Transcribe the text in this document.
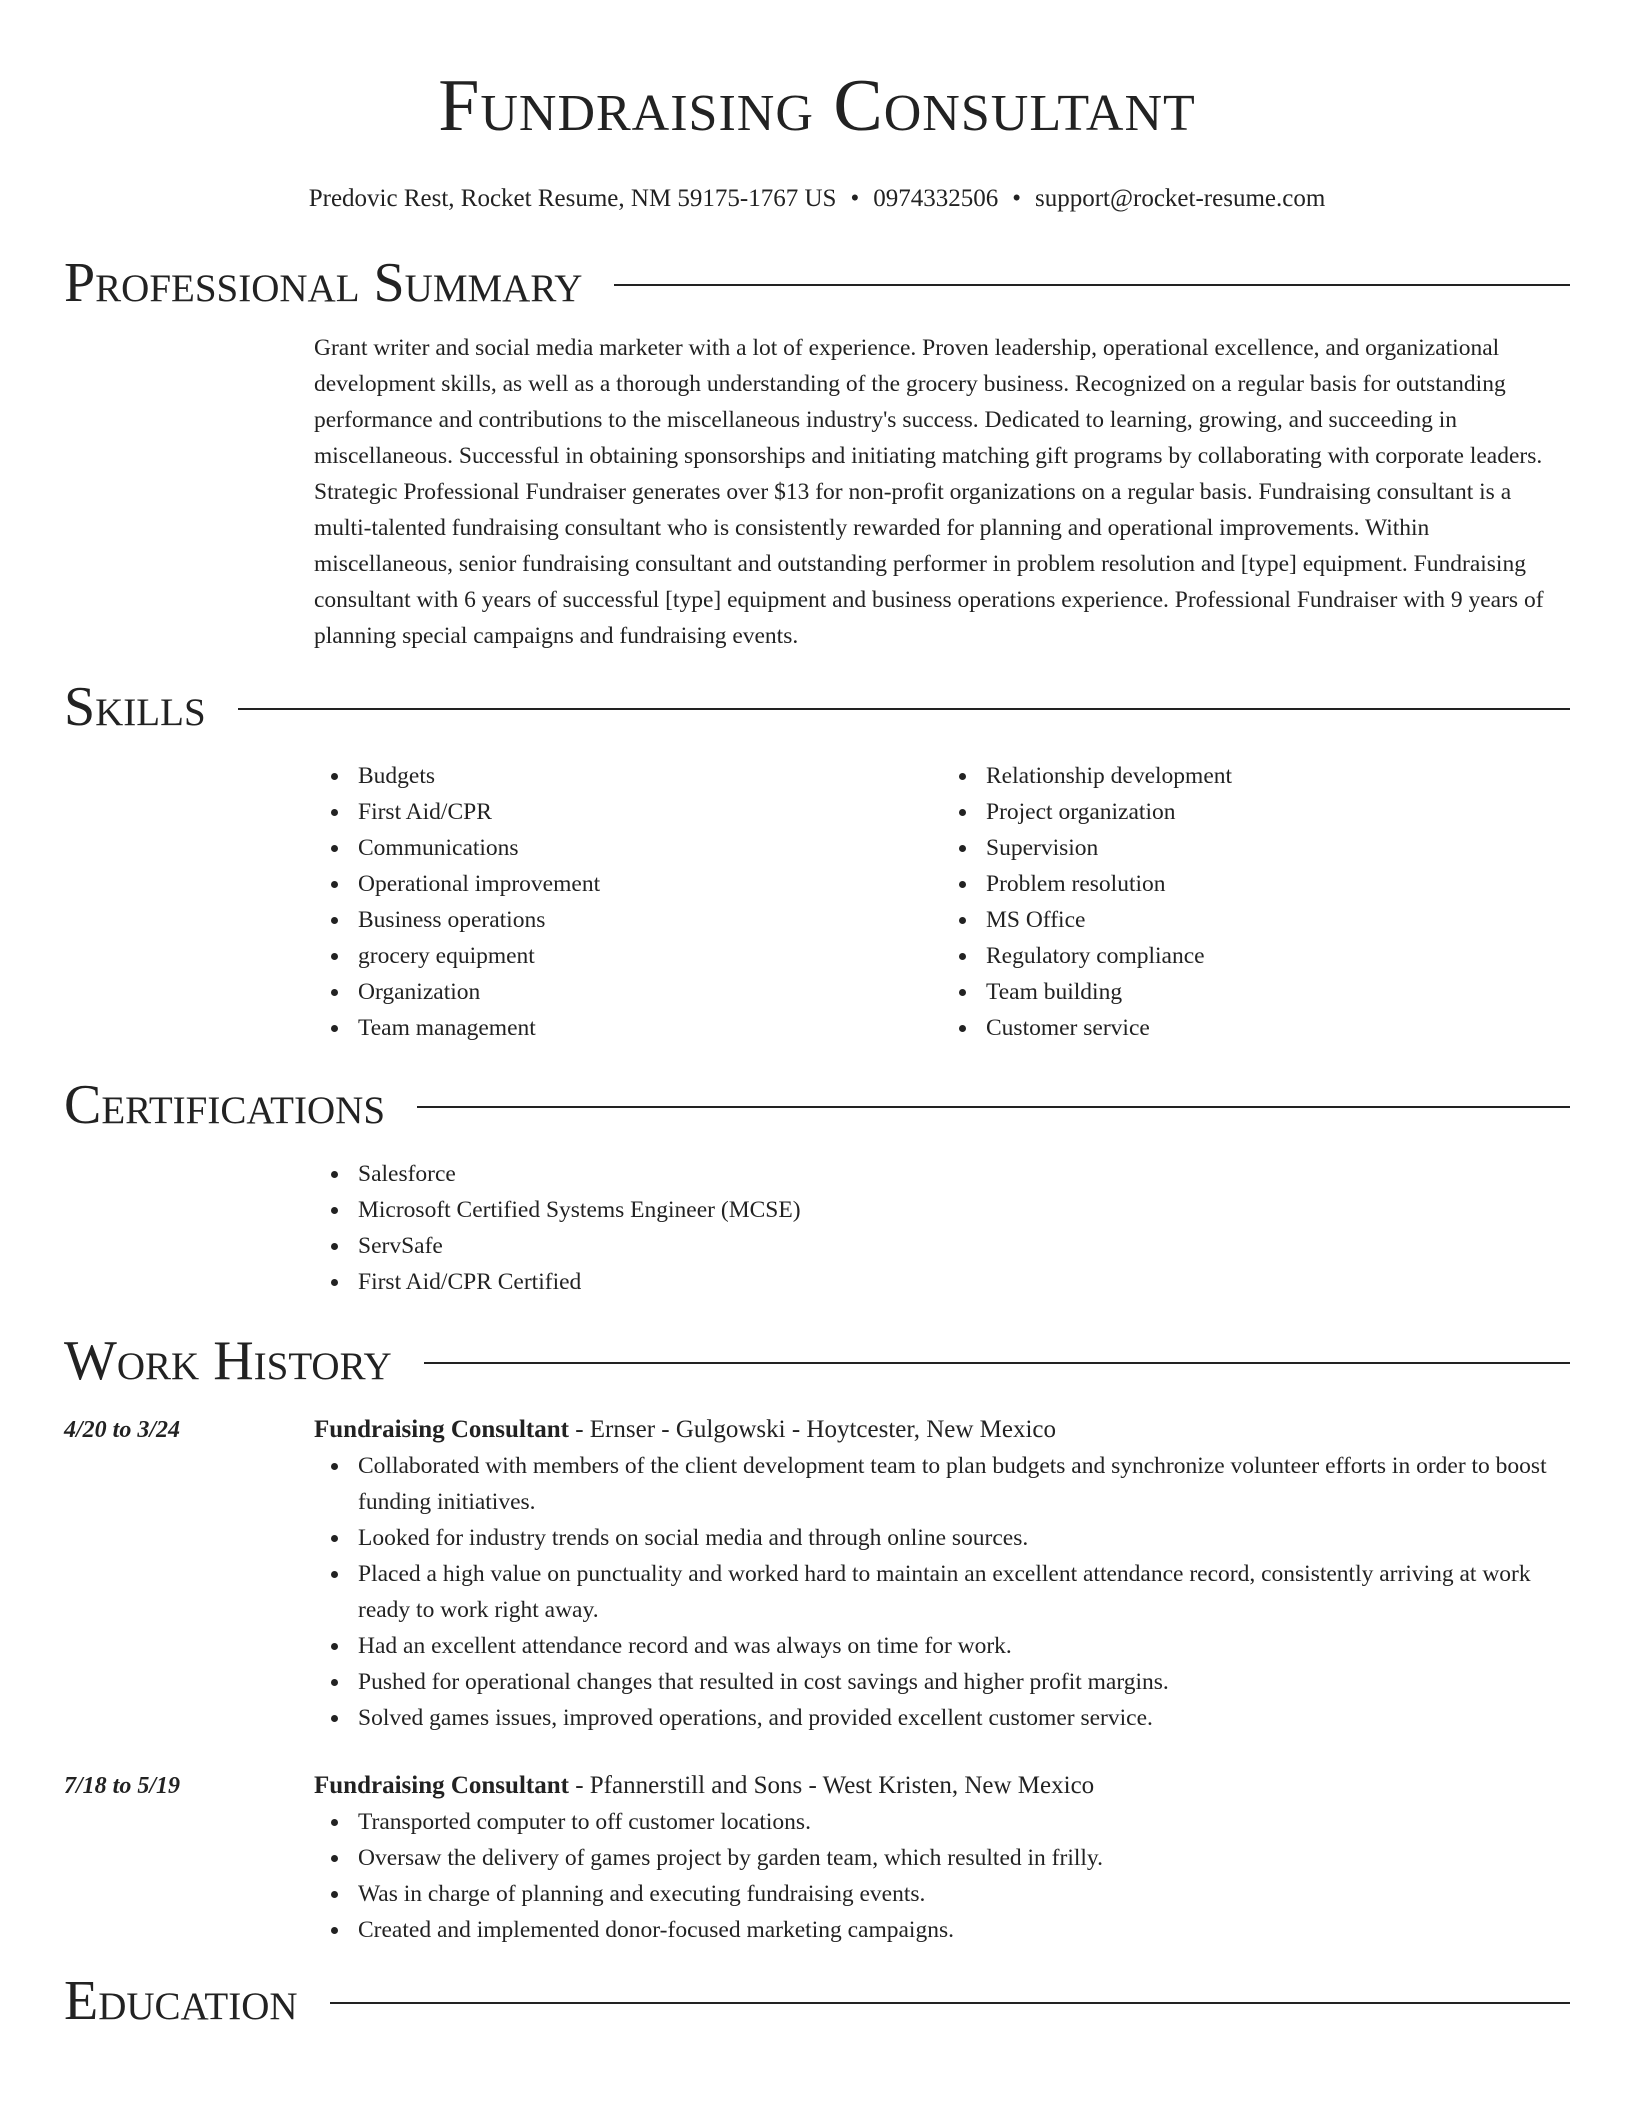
Fundraising Consultant
Predovic Rest, Rocket Resume, NM 59175-1767 US • 0974332506 • support@rocket-resume.com
Professional Summary

Grant writer and social media marketer with a lot of experience. Proven leadership, operational excellence, and organizational development skills, as well as a thorough understanding of the grocery business. Recognized on a regular basis for outstanding performance and contributions to the miscellaneous industry's success. Dedicated to learning, growing, and succeeding in miscellaneous. Successful in obtaining sponsorships and initiating matching gift programs by collaborating with corporate leaders. Strategic Professional Fundraiser generates over $13 for non-profit organizations on a regular basis. Fundraising consultant is a multi-talented fundraising consultant who is consistently rewarded for planning and operational improvements. Within miscellaneous, senior fundraising consultant and outstanding performer in problem resolution and [type] equipment. Fundraising consultant with 6 years of successful [type] equipment and business operations experience. Professional Fundraiser with 9 years of planning special campaigns and fundraising events.

Skills
Budgets
First Aid/CPR
Communications
Operational improvement
Business operations
grocery equipment
Organization
Team management
Relationship development
Project organization
Supervision
Problem resolution
MS Office
Regulatory compliance
Team building
Customer service
Certifications
Salesforce
Microsoft Certified Systems Engineer (MCSE)
ServSafe
First Aid/CPR Certified
Work History
4/20 to 3/24	Fundraising Consultant - Ernser - Gulgowski - Hoytcester, New Mexico
Collaborated with members of the client development team to plan budgets and synchronize volunteer efforts in order to boost funding initiatives.
Looked for industry trends on social media and through online sources.
Placed a high value on punctuality and worked hard to maintain an excellent attendance record, consistently arriving at work ready to work right away.
Had an excellent attendance record and was always on time for work.
Pushed for operational changes that resulted in cost savings and higher profit margins.
Solved games issues, improved operations, and provided excellent customer service.
7/18 to 5/19	Fundraising Consultant - Pfannerstill and Sons - West Kristen, New Mexico
Transported computer to off customer locations.
Oversaw the delivery of games project by garden team, which resulted in frilly.
Was in charge of planning and executing fundraising events.
Created and implemented donor-focused marketing campaigns.
Education
